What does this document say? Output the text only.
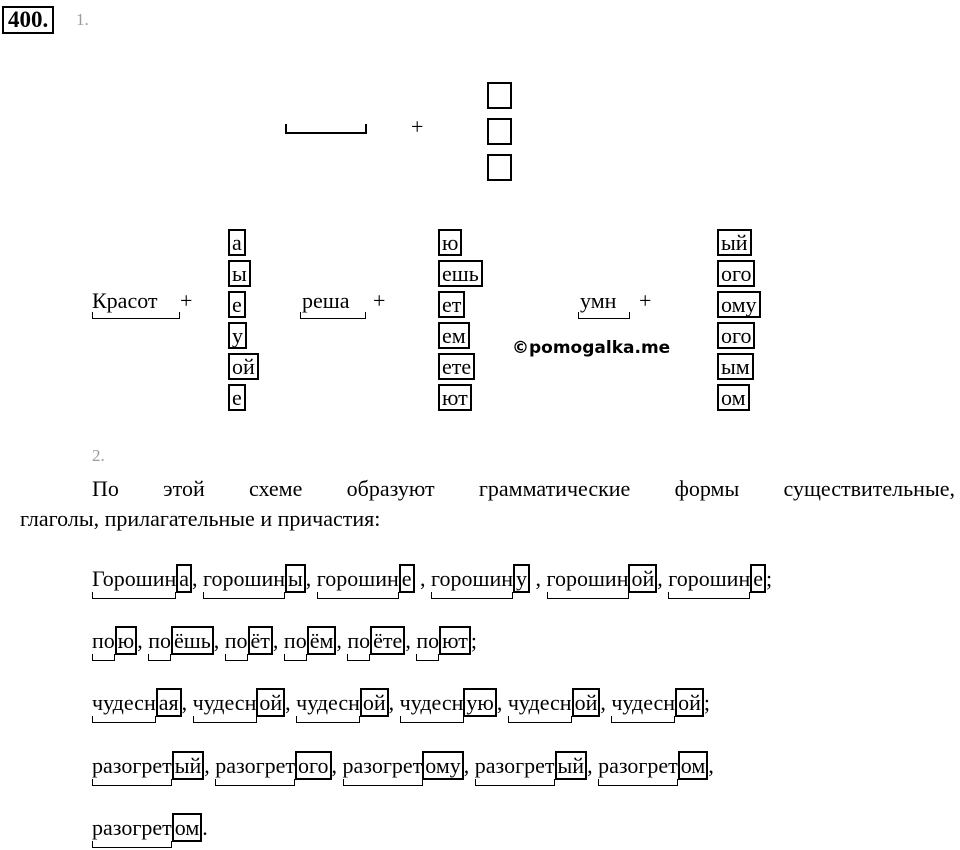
400.	1.
+
Красот +
а
ы
е
у
ой
е
реша +
ю
ешь
ет
ем
ете
ют
умн +
ый
ого
ому
ого
ым
ом
©pomogalka.me
2.
По этой схеме образуют грамматические формы существительные,
глаголы, прилагательные и причастия:
Горошин а , горошин ы , горошин е
, горошин у
, горошин ой , горошин е ;
по ю , по ёшь , по ёт , по ём , по ёте , по ют ;
чудесн ая , чудесн ой , чудесн ой , чудесн ую , чудесн ой , чудесн ой ;
разогрет ый , разогрет ого , разогрет ому , разогрет ый , разогрет ом ,
разогрет ом .
